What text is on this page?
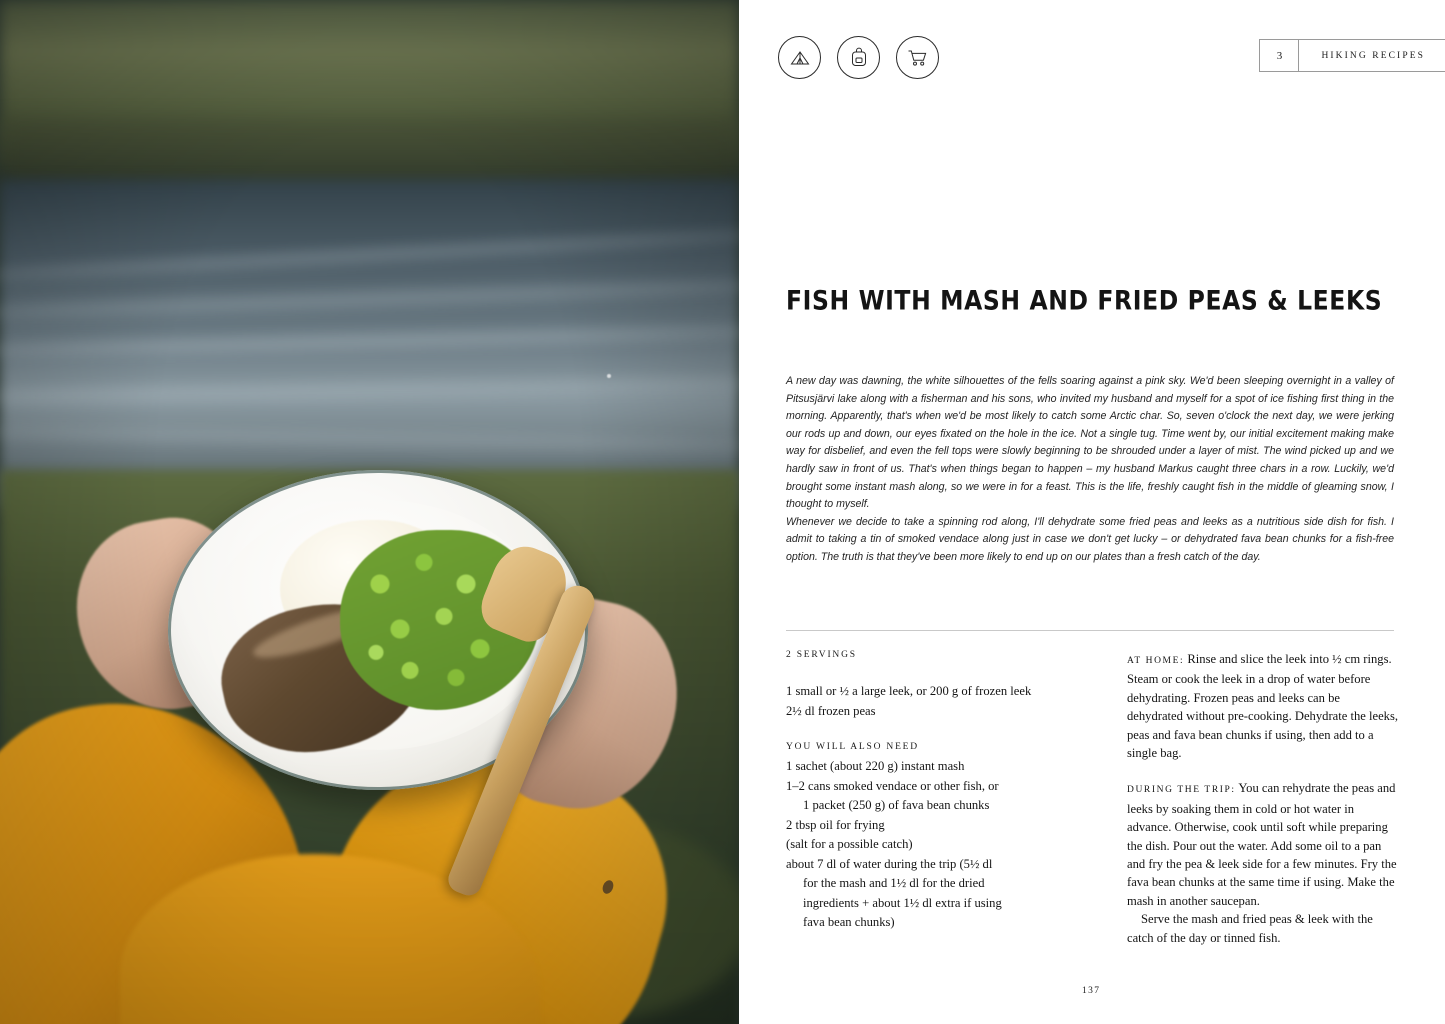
3	HIKING RECIPES
FISH WITH MASH AND FRIED PEAS & LEEKS

A new day was dawning, the white silhouettes of the fells soaring against a pink sky. We'd been sleeping overnight in a valley of Pitsusjärvi lake along with a fisherman and his sons, who invited my husband and myself for a spot of ice fishing first thing in the morning. Apparently, that's when we'd be most likely to catch some Arctic char. So, seven o'clock the next day, we were jerking our rods up and down, our eyes fixated on the hole in the ice. Not a single tug. Time went by, our initial excitement making make way for disbelief, and even the fell tops were slowly beginning to be shrouded under a layer of mist. The wind picked up and we hardly saw in front of us. That's when things began to happen – my husband Markus caught three chars in a row. Luckily, we'd brought some instant mash along, so we were in for a feast. This is the life, freshly caught fish in the middle of gleaming snow, I thought to myself.

Whenever we decide to take a spinning rod along, I'll dehydrate some fried peas and leeks as a nutritious side dish for fish. I admit to taking a tin of smoked vendace along just in case we don't get lucky – or dehydrated fava bean chunks for a fish-free option. The truth is that they've been more likely to end up on our plates than a fresh catch of the day.

2 SERVINGS
1 small or ½ a large leek, or 200 g of frozen leek
2½ dl frozen peas
YOU WILL ALSO NEED
1 sachet (about 220 g) instant mash
1–2 cans smoked vendace or other fish, or
1 packet (250 g) of fava bean chunks
2 tbsp oil for frying
(salt for a possible catch)
about 7 dl of water during the trip (5½ dl
for the mash and 1½ dl for the dried
ingredients + about 1½ dl extra if using
fava bean chunks)

AT HOME: Rinse and slice the leek into ½ cm rings. Steam or cook the leek in a drop of water before dehydrating. Frozen peas and leeks can be dehydrated without pre-cooking. Dehydrate the leeks, peas and fava bean chunks if using, then add to a single bag.

DURING THE TRIP: You can rehydrate the peas and leeks by soaking them in cold or hot water in advance. Otherwise, cook until soft while preparing the dish. Pour out the water. Add some oil to a pan and fry the pea & leek side for a few minutes. Fry the fava bean chunks at the same time if using. Make the mash in another saucepan.

Serve the mash and fried peas & leek with the catch of the day or tinned fish.

137
